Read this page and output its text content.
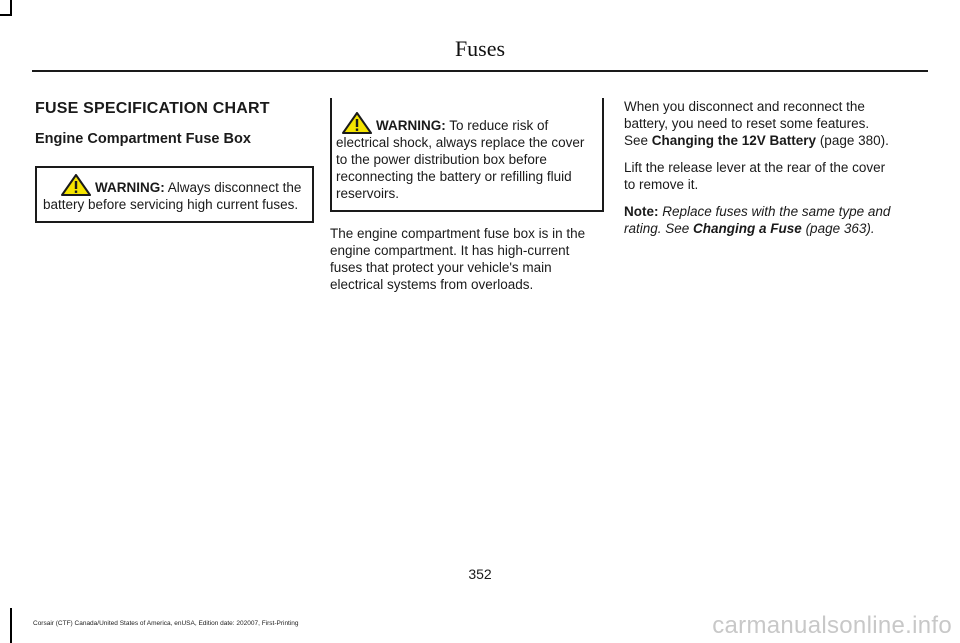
Fuses
FUSE SPECIFICATION CHART
Engine Compartment Fuse Box
WARNING: Always disconnect the battery before servicing high current fuses.
WARNING: To reduce risk of electrical shock, always replace the cover to the power distribution box before reconnecting the battery or refilling fluid reservoirs.

The engine compartment fuse box is in the engine compartment. It has high-current fuses that protect your vehicle's main electrical systems from overloads.

When you disconnect and reconnect the battery, you need to reset some features. See Changing the 12V Battery (page 380).

Lift the release lever at the rear of the cover to remove it.

Note: Replace fuses with the same type and rating. See Changing a Fuse (page 363).

352
Corsair (CTF) Canada/United States of America, enUSA, Edition date: 202007, First-Printing	carmanualsonline.info
